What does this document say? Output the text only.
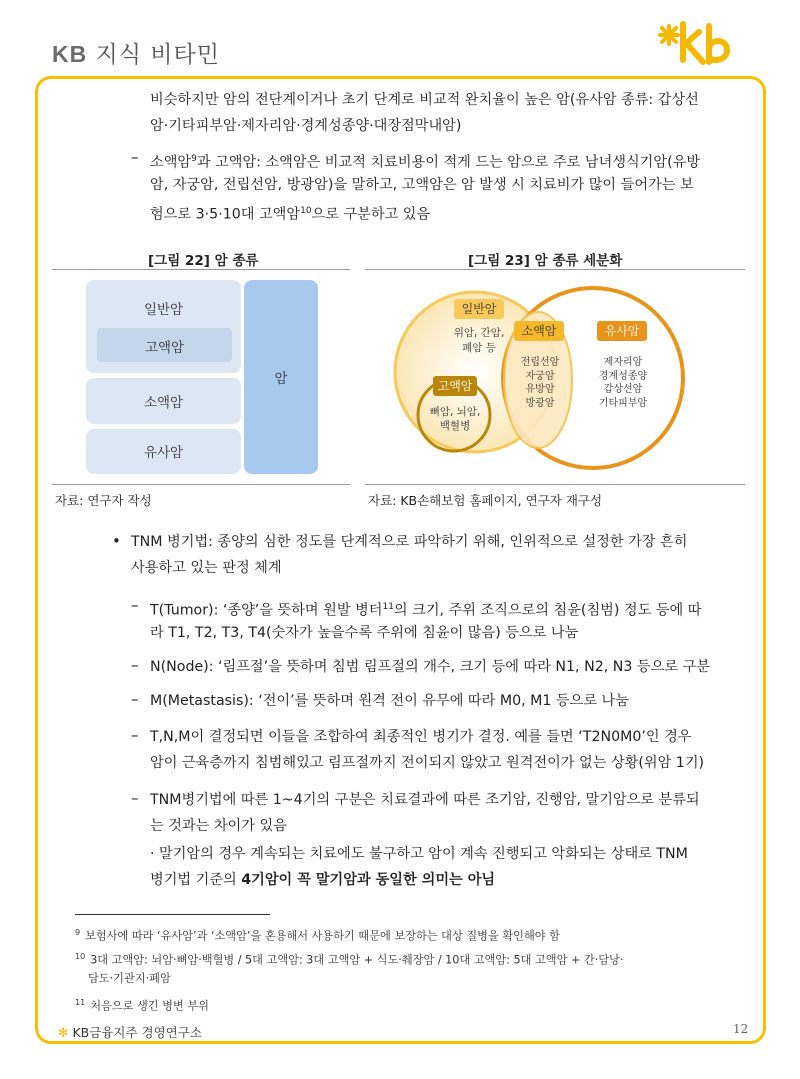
KB 지식 비타민

비슷하지만 암의 전단계이거나 초기 단계로 비교적 완치율이 높은 암(유사암 종류: 갑상선

암·기타피부암·제자리암·경계성종양·대장점막내암)

– 소액암$^9$과 고액암: 소액암은 비교적 치료비용이 적게 드는 암으로 주로 남녀생식기암(유방

암, 자궁암, 전립선암, 방광암)을 말하고, 고액암은 암 발생 시 치료비가 많이 들어가는 보

험으로 3·5·10대 고액암$^{10}$으로 구분하고 있음

[그림 22] 암 종류
일반암
고액암
소액암
유사암
암
자료: 연구자 작성
[그림 23] 암 종류 세분화
일반암
위암, 간암,
폐암 등
소액암
전립선암
자궁암
유방암
방광암
유사암
제자리암
경계성종양
갑상선암
기타피부암
고액암
뼈암, 뇌암,
백혈병
자료: KB손해보험 홈페이지, 연구자 재구성
• TNM 병기법: 종양의 심한 정도를 단계적으로 파악하기 위해, 인위적으로 설정한 가장 흔히

사용하고 있는 판정 체계

– T(Tumor): ‘종양’을 뜻하며 원발 병터$^{11}$의 크기, 주위 조직으로의 침윤(침범) 정도 등에 따

라 T1, T2, T3, T4(숫자가 높을수록 주위에 침윤이 많음) 등으로 나눔

– N(Node): ‘림프절’을 뜻하며 침범 림프절의 개수, 크기 등에 따라 N1, N2, N3 등으로 구분

– M(Metastasis): ‘전이’를 뜻하며 원격 전이 유무에 따라 M0, M1 등으로 나눔

– T,N,M이 결정되면 이들을 조합하여 최종적인 병기가 결정. 예를 들면 ‘T2N0M0’인 경우

암이 근육층까지 침범해있고 림프절까지 전이되지 않았고 원격전이가 없는 상황(위암 1기)

– TNM병기법에 따른 1~4기의 구분은 치료결과에 따른 조기암, 진행암, 말기암으로 분류되

는 것과는 차이가 있음

· 말기암의 경우 계속되는 치료에도 불구하고 암이 계속 진행되고 악화되는 상태로 TNM

병기법 기준의 4기암이 꼭 말기암과 동일한 의미는 아님

$^9$ 보험사에 따라 ‘유사암’과 ‘소액암’을 혼용해서 사용하기 때문에 보장하는 대상 질병을 확인해야 함
$^{10}$ 3대 고액암: 뇌암·뼈암·백혈병 / 5대 고액암: 3대 고액암 + 식도·췌장암 / 10대 고액암: 5대 고액암 + 간·담낭·
담도·기관지·폐암
$^{11}$ 처음으로 생긴 병변 부위
✻ KB금융지주 경영연구소	12
